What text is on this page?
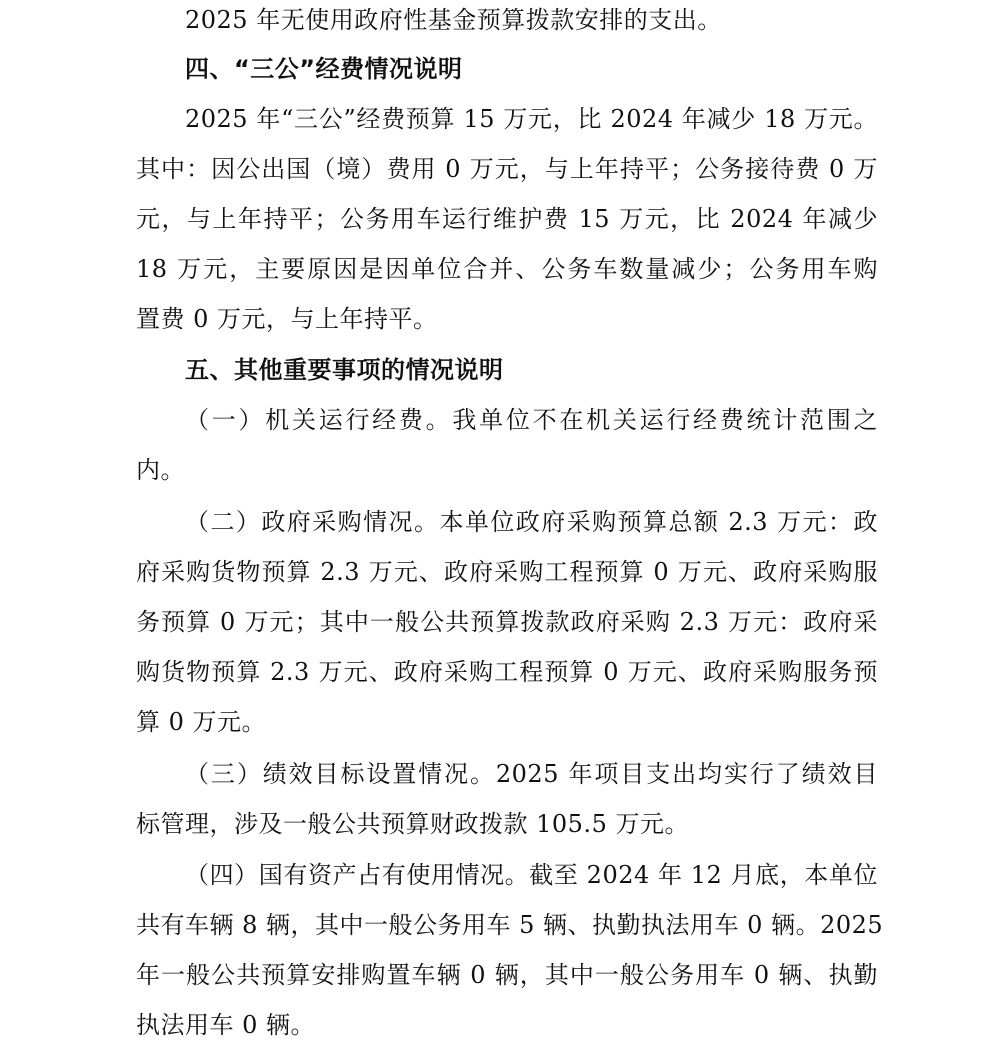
2025 年无使用政府性基金预算拨款安排的支出。
四、“三公”经费情况说明
2025 年“三公”经费预算 15 万元，比 2024 年减少 18 万元。
其中：因公出国（境）费用 0 万元，与上年持平；公务接待费 0 万
元，与上年持平；公务用车运行维护费 15 万元，比 2024 年减少
18 万元，主要原因是因单位合并、公务车数量减少；公务用车购
置费 0 万元，与上年持平。
五、其他重要事项的情况说明
（一）机关运行经费。我单位不在机关运行经费统计范围之
内。
（二）政府采购情况。本单位政府采购预算总额 2.3 万元：政
府采购货物预算 2.3 万元、政府采购工程预算 0 万元、政府采购服
务预算 0 万元；其中一般公共预算拨款政府采购 2.3 万元：政府采
购货物预算 2.3 万元、政府采购工程预算 0 万元、政府采购服务预
算 0 万元。
（三）绩效目标设置情况。2025 年项目支出均实行了绩效目
标管理，涉及一般公共预算财政拨款 105.5 万元。
（四）国有资产占有使用情况。截至 2024 年 12 月底，本单位
共有车辆 8 辆，其中一般公务用车 5 辆、执勤执法用车 0 辆。2025
年一般公共预算安排购置车辆 0 辆，其中一般公务用车 0 辆、执勤
执法用车 0 辆。
